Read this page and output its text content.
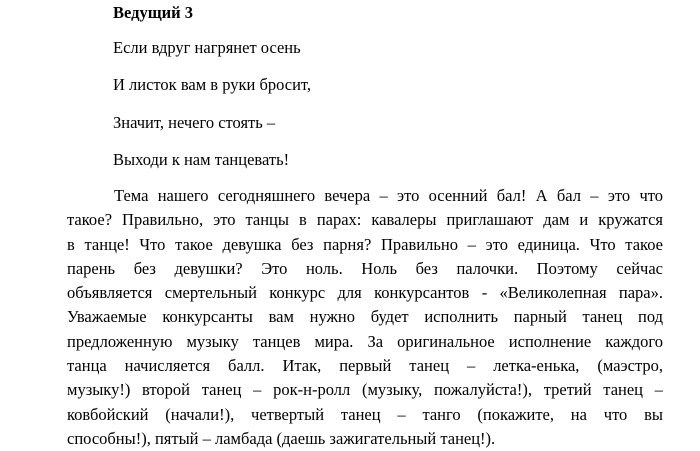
Ведущий 3
Если вдруг нагрянет осень
И листок вам в руки бросит,
Значит, нечего стоять –
Выходи к нам танцевать!
Тема нашего сегодняшнего вечера – это осенний бал! А бал – это что
такое? Правильно, это танцы в парах: кавалеры приглашают дам и кружатся
в танце! Что такое девушка без парня? Правильно – это единица. Что такое
парень без девушки? Это ноль. Ноль без палочки. Поэтому сейчас
объявляется смертельный конкурс для конкурсантов - «Великолепная пара».
Уважаемые конкурсанты вам нужно будет исполнить парный танец под
предложенную музыку танцев мира. За оригинальное исполнение каждого
танца начисляется балл. Итак, первый танец – летка-енька, (маэстро,
музыку!) второй танец – рок-н-ролл (музыку, пожалуйста!), третий танец –
ковбойский (начали!), четвертый танец – танго (покажите, на что вы
способны!), пятый – ламбада (даешь зажигательный танец!).
